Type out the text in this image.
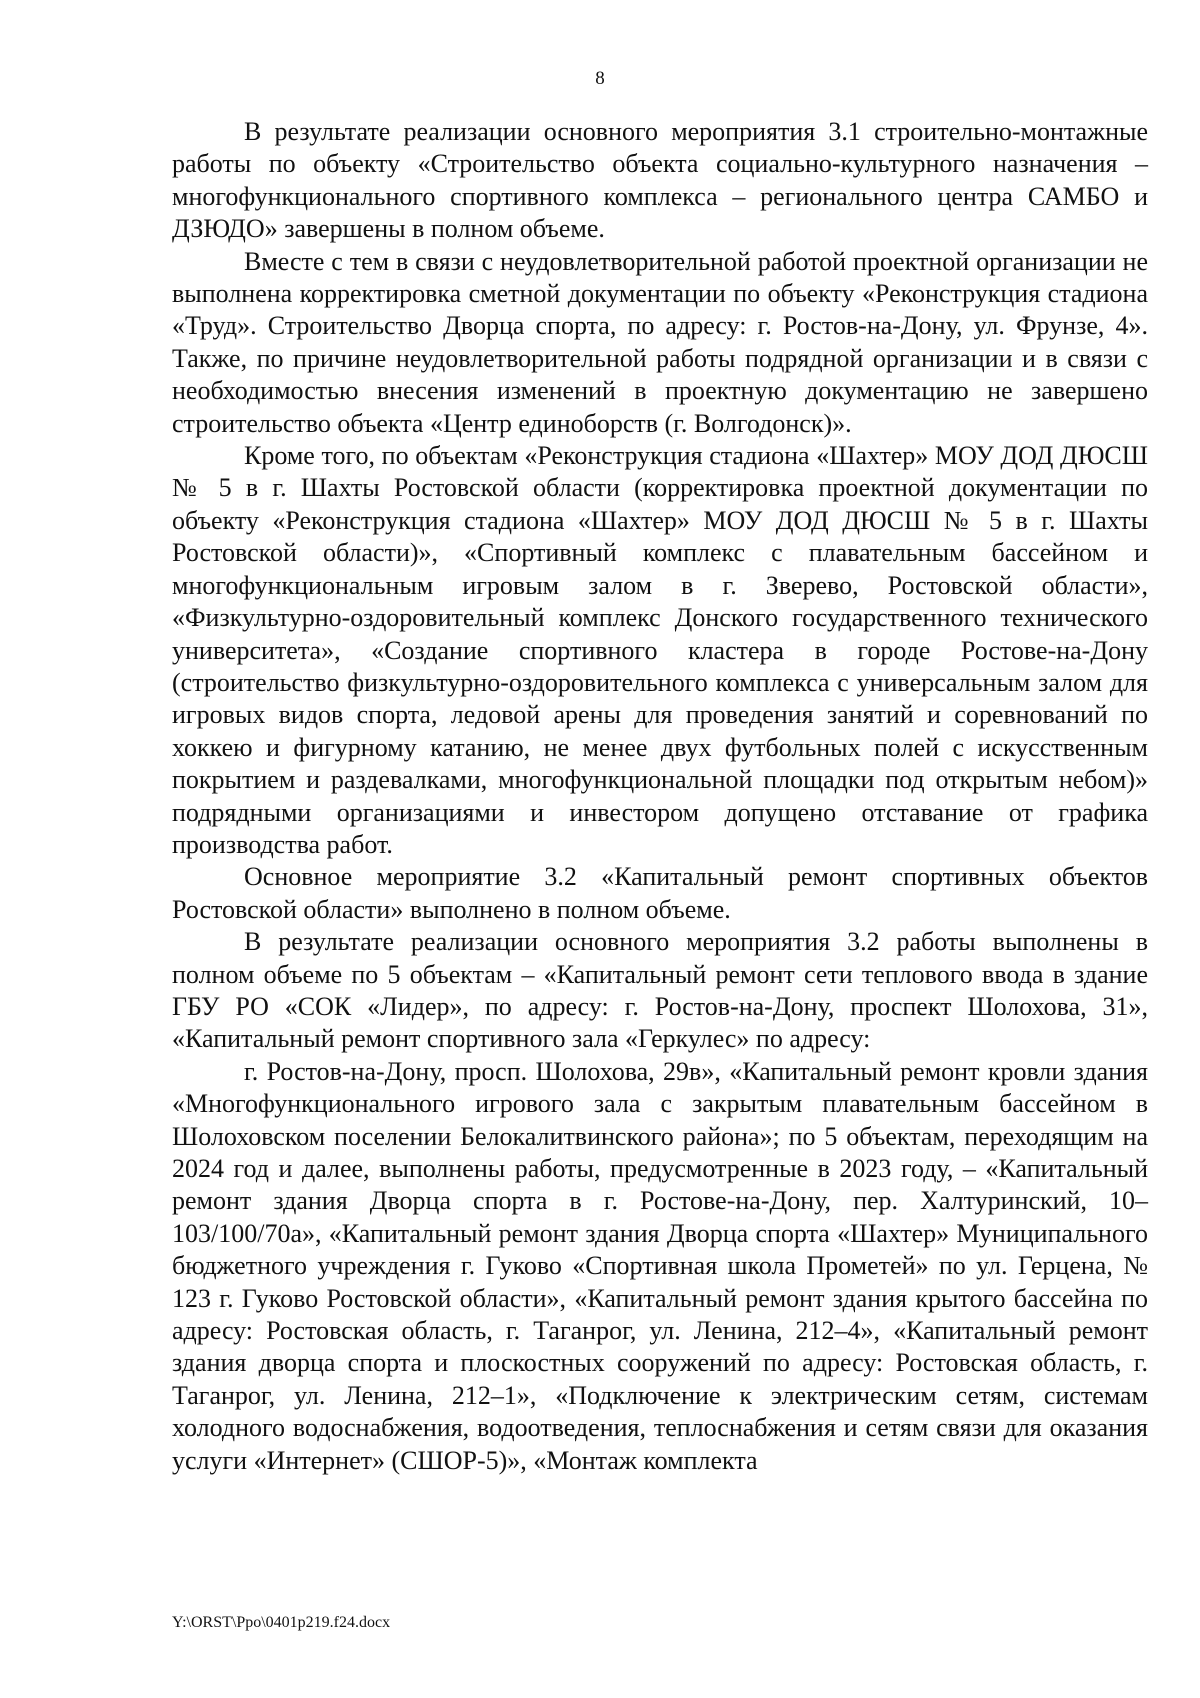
8

В результате реализации основного мероприятия 3.1 строительно-монтажные работы по объекту «Строительство объекта социально-культурного назначения – многофункционального спортивного комплекса – регионального центра САМБО и ДЗЮДО» завершены в полном объеме.

Вместе с тем в связи с неудовлетворительной работой проектной организации не выполнена корректировка сметной документации по объекту «Реконструкция стадиона «Труд». Строительство Дворца спорта, по адресу: г. Ростов-на-Дону, ул. Фрунзе, 4». Также, по причине неудовлетворительной работы подрядной организации и в связи с необходимостью внесения изменений в проектную документацию не завершено строительство объекта «Центр единоборств (г. Волгодонск)».

Кроме того, по объектам «Реконструкция стадиона «Шахтер» МОУ ДОД ДЮСШ № 5 в г. Шахты Ростовской области (корректировка проектной документации по объекту «Реконструкция стадиона «Шахтер» МОУ ДОД ДЮСШ № 5 в г. Шахты Ростовской области)», «Спортивный комплекс с плавательным бассейном и многофункциональным игровым залом в г. Зверево, Ростовской области», «Физкультурно-оздоровительный комплекс Донского государственного технического университета», «Создание спортивного кластера в городе Ростове-на-Дону (строительство физкультурно-оздоровительного комплекса с универсальным залом для игровых видов спорта, ледовой арены для проведения занятий и соревнований по хоккею и фигурному катанию, не менее двух футбольных полей с искусственным покрытием и раздевалками, многофункциональной площадки под открытым небом)» подрядными организациями и инвестором допущено отставание от графика производства работ.

Основное мероприятие 3.2 «Капитальный ремонт спортивных объектов Ростовской области» выполнено в полном объеме.

В результате реализации основного мероприятия 3.2 работы выполнены в полном объеме по 5 объектам – «Капитальный ремонт сети теплового ввода в здание ГБУ РО «СОК «Лидер», по адресу: г. Ростов-на-Дону, проспект Шолохова, 31», «Капитальный ремонт спортивного зала «Геркулес» по адресу:

г. Ростов-на-Дону, просп. Шолохова, 29в», «Капитальный ремонт кровли здания «Многофункционального игрового зала с закрытым плавательным бассейном в Шолоховском поселении Белокалитвинского района»; по 5 объектам, переходящим на 2024 год и далее, выполнены работы, предусмотренные в 2023 году, – «Капитальный ремонт здания Дворца спорта в г. Ростове-на-Дону, пер. Халтуринский, 10–103/100/70а», «Капитальный ремонт здания Дворца спорта «Шахтер» Муниципального бюджетного учреждения г. Гуково «Спортивная школа Прометей» по ул. Герцена, № 123 г. Гуково Ростовской области», «Капитальный ремонт здания крытого бассейна по адресу: Ростовская область, г. Таганрог, ул. Ленина, 212–4», «Капитальный ремонт здания дворца спорта и плоскостных сооружений по адресу: Ростовская область, г. Таганрог, ул. Ленина, 212–1», «Подключение к электрическим сетям, системам холодного водоснабжения, водоотведения, теплоснабжения и сетям связи для оказания услуги «Интернет» (СШОР-5)», «Монтаж комплекта

Y:\ORST\Ppo\0401p219.f24.docx
